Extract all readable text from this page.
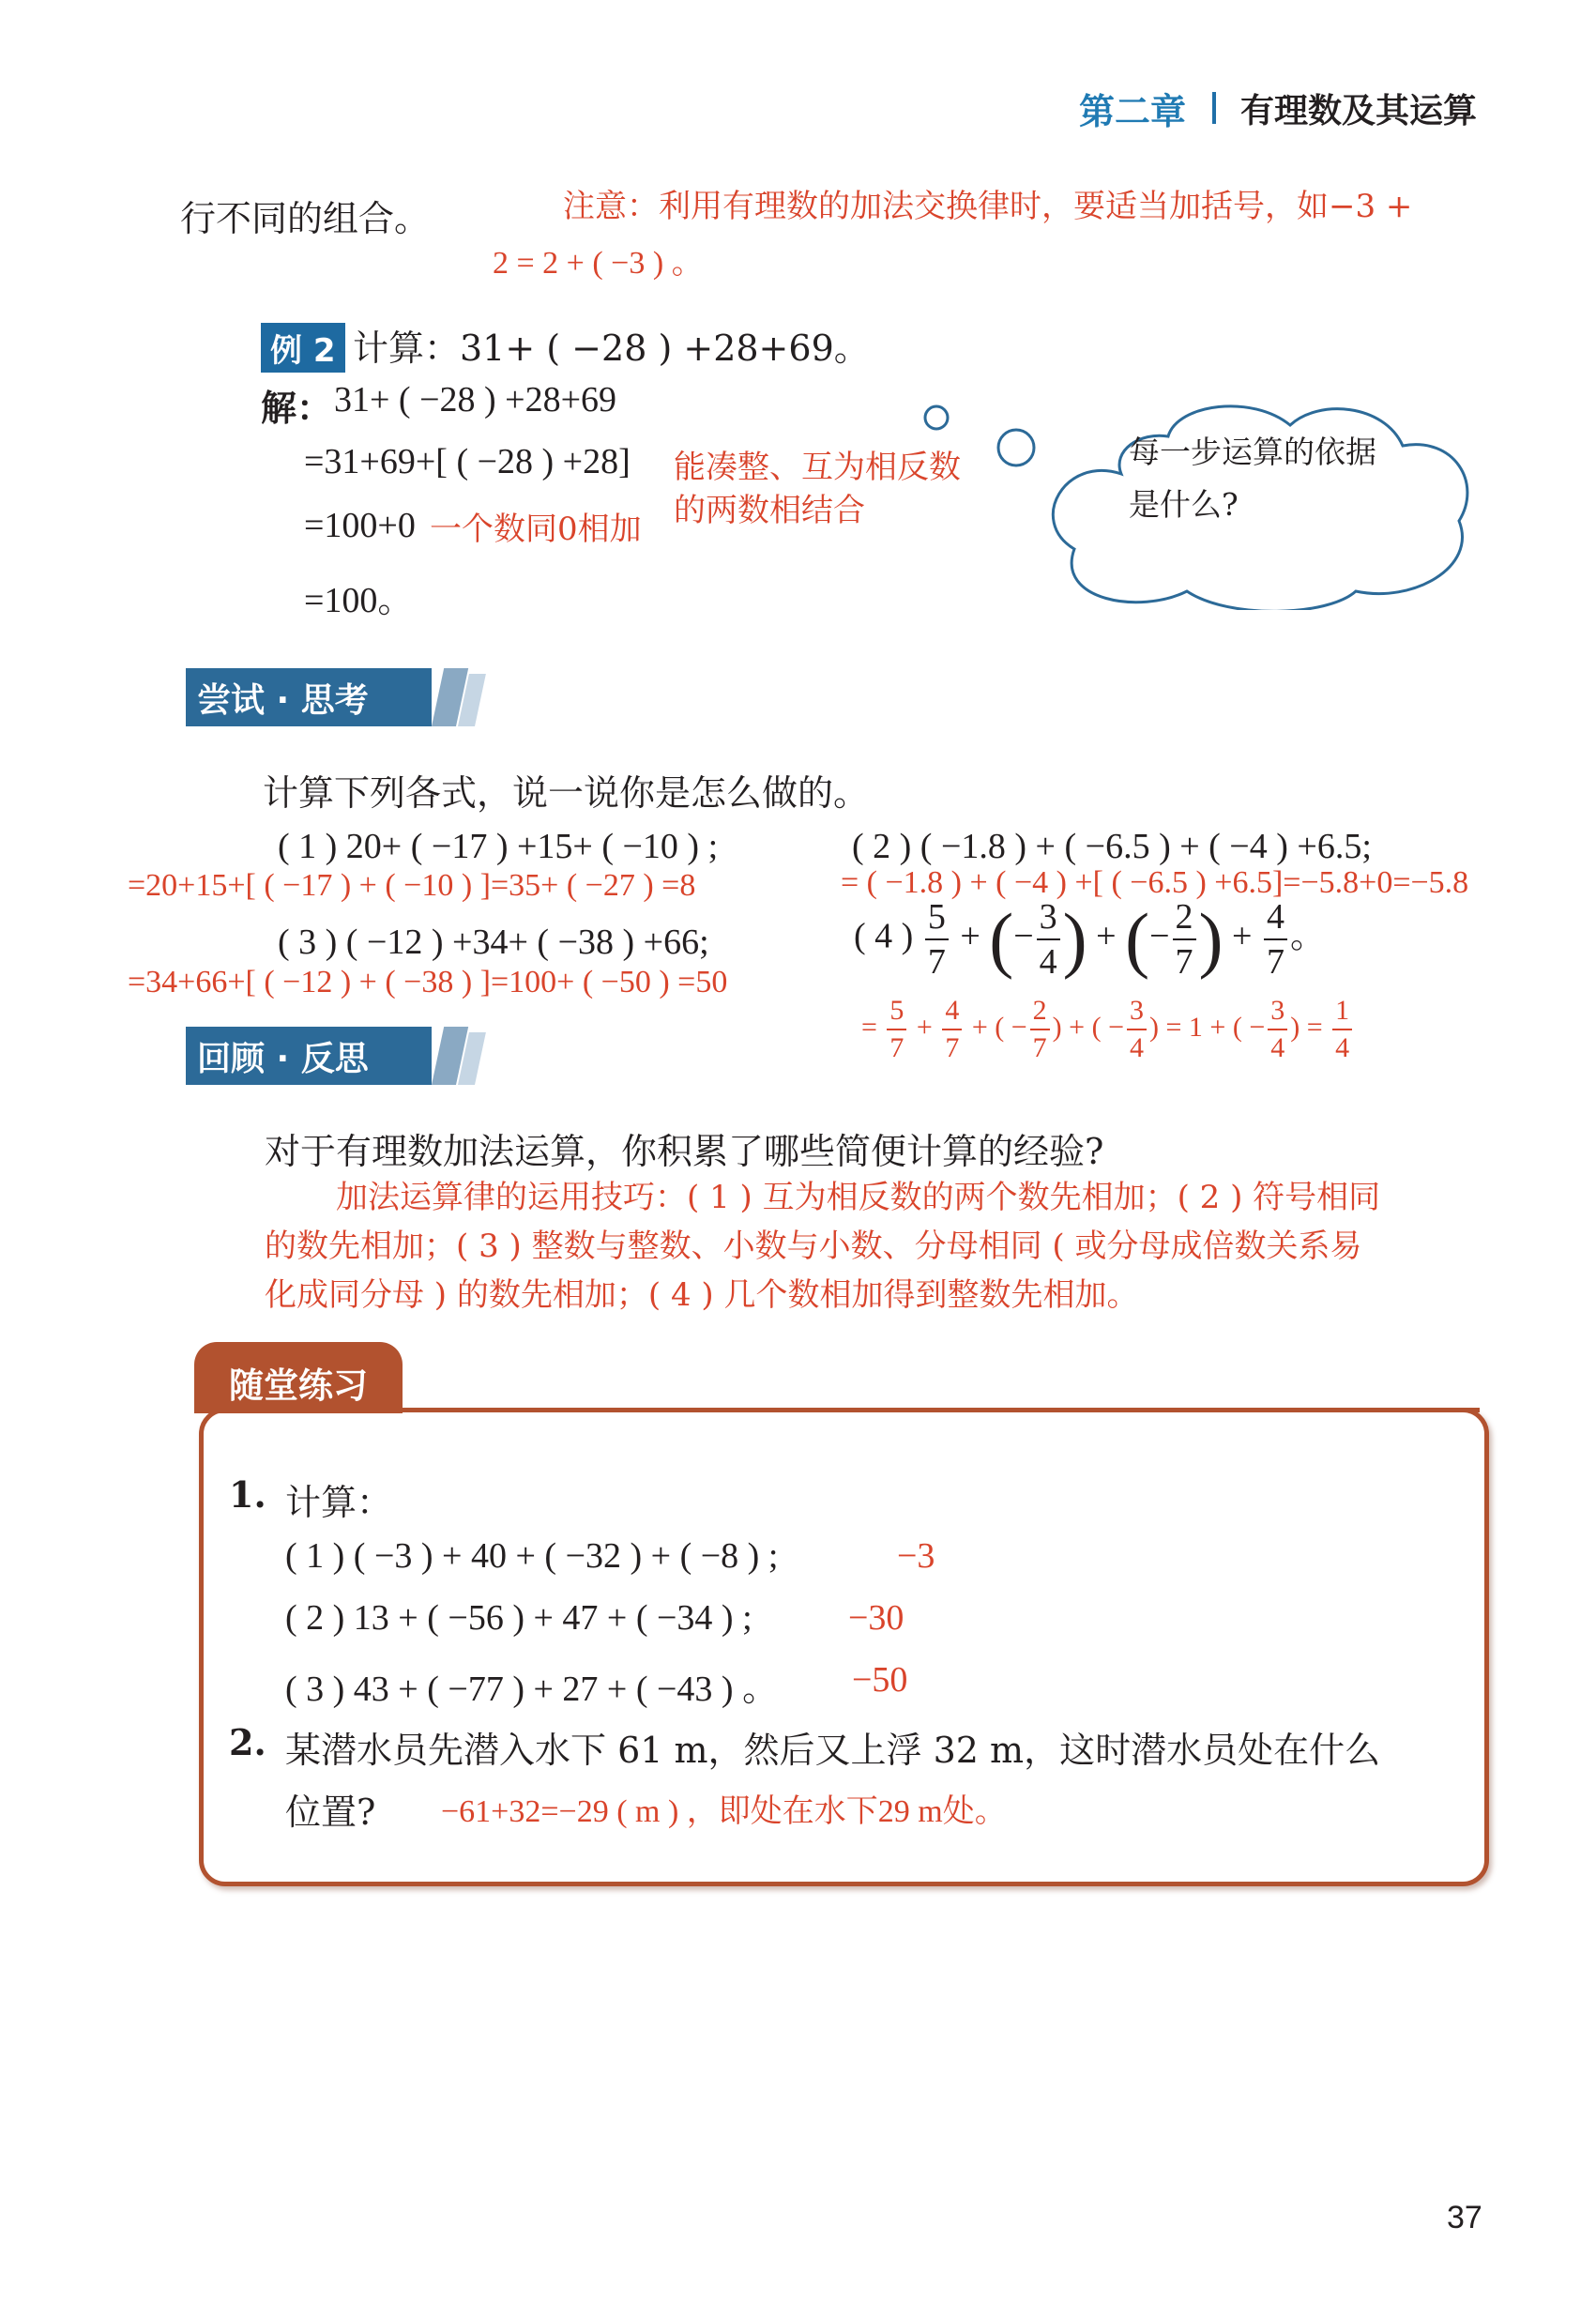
第二章 有理数及其运算
行不同的组合。	注意：利用有理数的加法交换律时，要适当加括号，如−3 +
2 = 2 + ( −3 ) 。
例 2 计算：31+ ( −28 ) +28+69。
解： 31+ ( −28 ) +28+69
=31+69+[ ( −28 ) +28] 能凑整、互为相反数
的两数相结合
=100+0 一个数同0相加
=100。
每一步运算的依据
是什么?
尝试 · 思考
计算下列各式，说一说你是怎么做的。
( 1 ) 20+ ( −17 ) +15+ ( −10 ) ;
=20+15+[ ( −17 ) + ( −10 ) ]=35+ ( −27 ) =8
( 2 ) ( −1.8 ) + ( −6.5 ) + ( −4 ) +6.5;
= ( −1.8 ) + ( −4 ) +[ ( −6.5 ) +6.5]=−5.8+0=−5.8
( 3 ) ( −12 ) +34+ ( −38 ) +66;
=34+66+[ ( −12 ) + ( −38 ) ]=100+ ( −50 ) =50
( 4 ) $\frac{5}{7}$ + (− $\frac{3}{4}$ ) + (− $\frac{2}{7}$ ) + $\frac{4}{7}$ 。
= $\frac{5}{7} + \frac{4}{7}$ + ( − $\frac{2}{7}$ ) + ( − $\frac{3}{4}$ ) = 1 + ( − $\frac{3}{4}$ ) = $\frac{1}{4}$
回顾 · 反思
对于有理数加法运算，你积累了哪些简便计算的经验?
加法运算律的运用技巧：( 1 ) 互为相反数的两个数先相加；( 2 ) 符号相同
的数先相加；( 3 ) 整数与整数、小数与小数、分母相同 ( 或分母成倍数关系易
化成同分母 ) 的数先相加；( 4 ) 几个数相加得到整数先相加。
随堂练习
1. 计算：
( 1 ) ( −3 ) + 40 + ( −32 ) + ( −8 ) ;	−3
( 2 ) 13 + ( −56 ) + 47 + ( −34 ) ;	−30
( 3 ) 43 + ( −77 ) + 27 + ( −43 ) 。 −50
2. 某潜水员先潜入水下 61 m，然后又上浮 32 m，这时潜水员处在什么
位置? −61+32=−29 ( m ) ，即处在水下29 m处。
37
